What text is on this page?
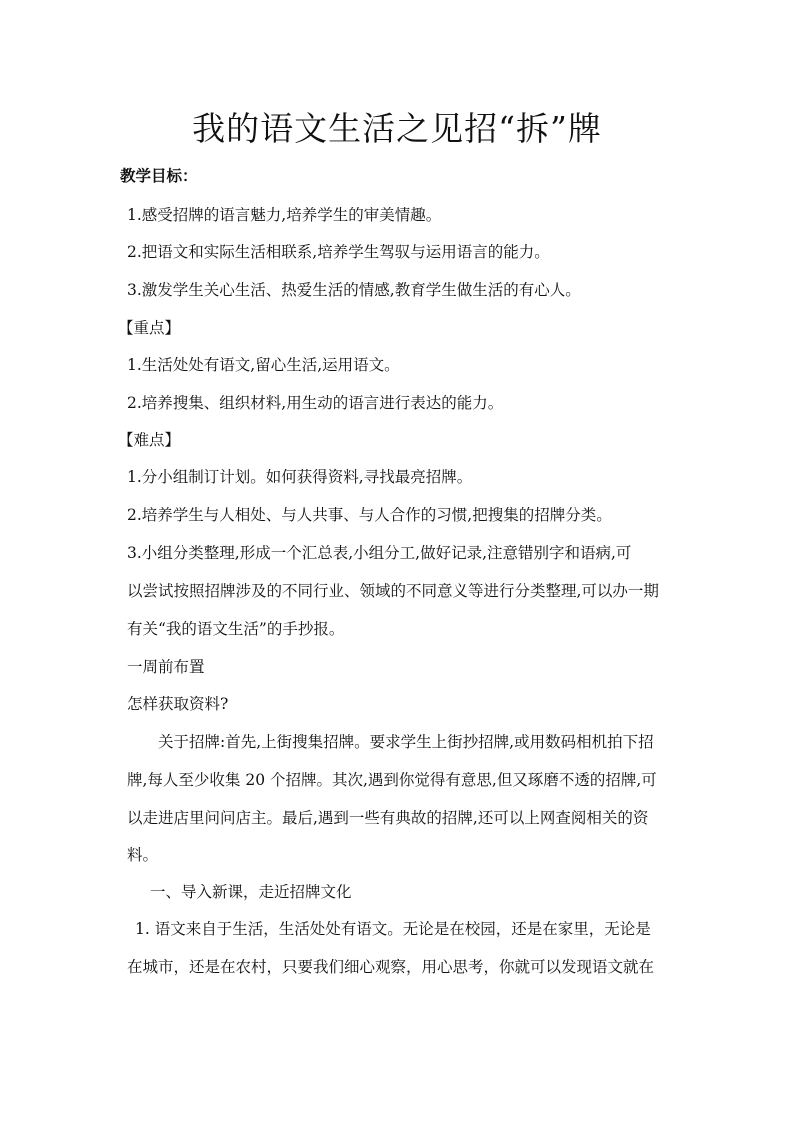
我的语文生活之见招“拆”牌

教学目标：

1.感受招牌的语言魅力,培养学生的审美情趣。

2.把语文和实际生活相联系,培养学生驾驭与运用语言的能力。

3.激发学生关心生活、热爱生活的情感,教育学生做生活的有心人。

【重点】

1.生活处处有语文,留心生活,运用语文。

2.培养搜集、组织材料,用生动的语言进行表达的能力。

【难点】

1.分小组制订计划。如何获得资料,寻找最亮招牌。

2.培养学生与人相处、与人共事、与人合作的习惯,把搜集的招牌分类。

3.小组分类整理,形成一个汇总表,小组分工,做好记录,注意错别字和语病,可

以尝试按照招牌涉及的不同行业、领域的不同意义等进行分类整理,可以办一期

有关“我的语文生活”的手抄报。

一周前布置

怎样获取资料?

关于招牌:首先,上街搜集招牌。要求学生上街抄招牌,或用数码相机拍下招

牌,每人至少收集 20 个招牌。其次,遇到你觉得有意思,但又琢磨不透的招牌,可

以走进店里问问店主。最后,遇到一些有典故的招牌,还可以上网查阅相关的资

料。

一、导入新课，走近招牌文化

1. 语文来自于生活，生活处处有语文。无论是在校园，还是在家里，无论是

在城市，还是在农村，只要我们细心观察，用心思考，你就可以发现语文就在
